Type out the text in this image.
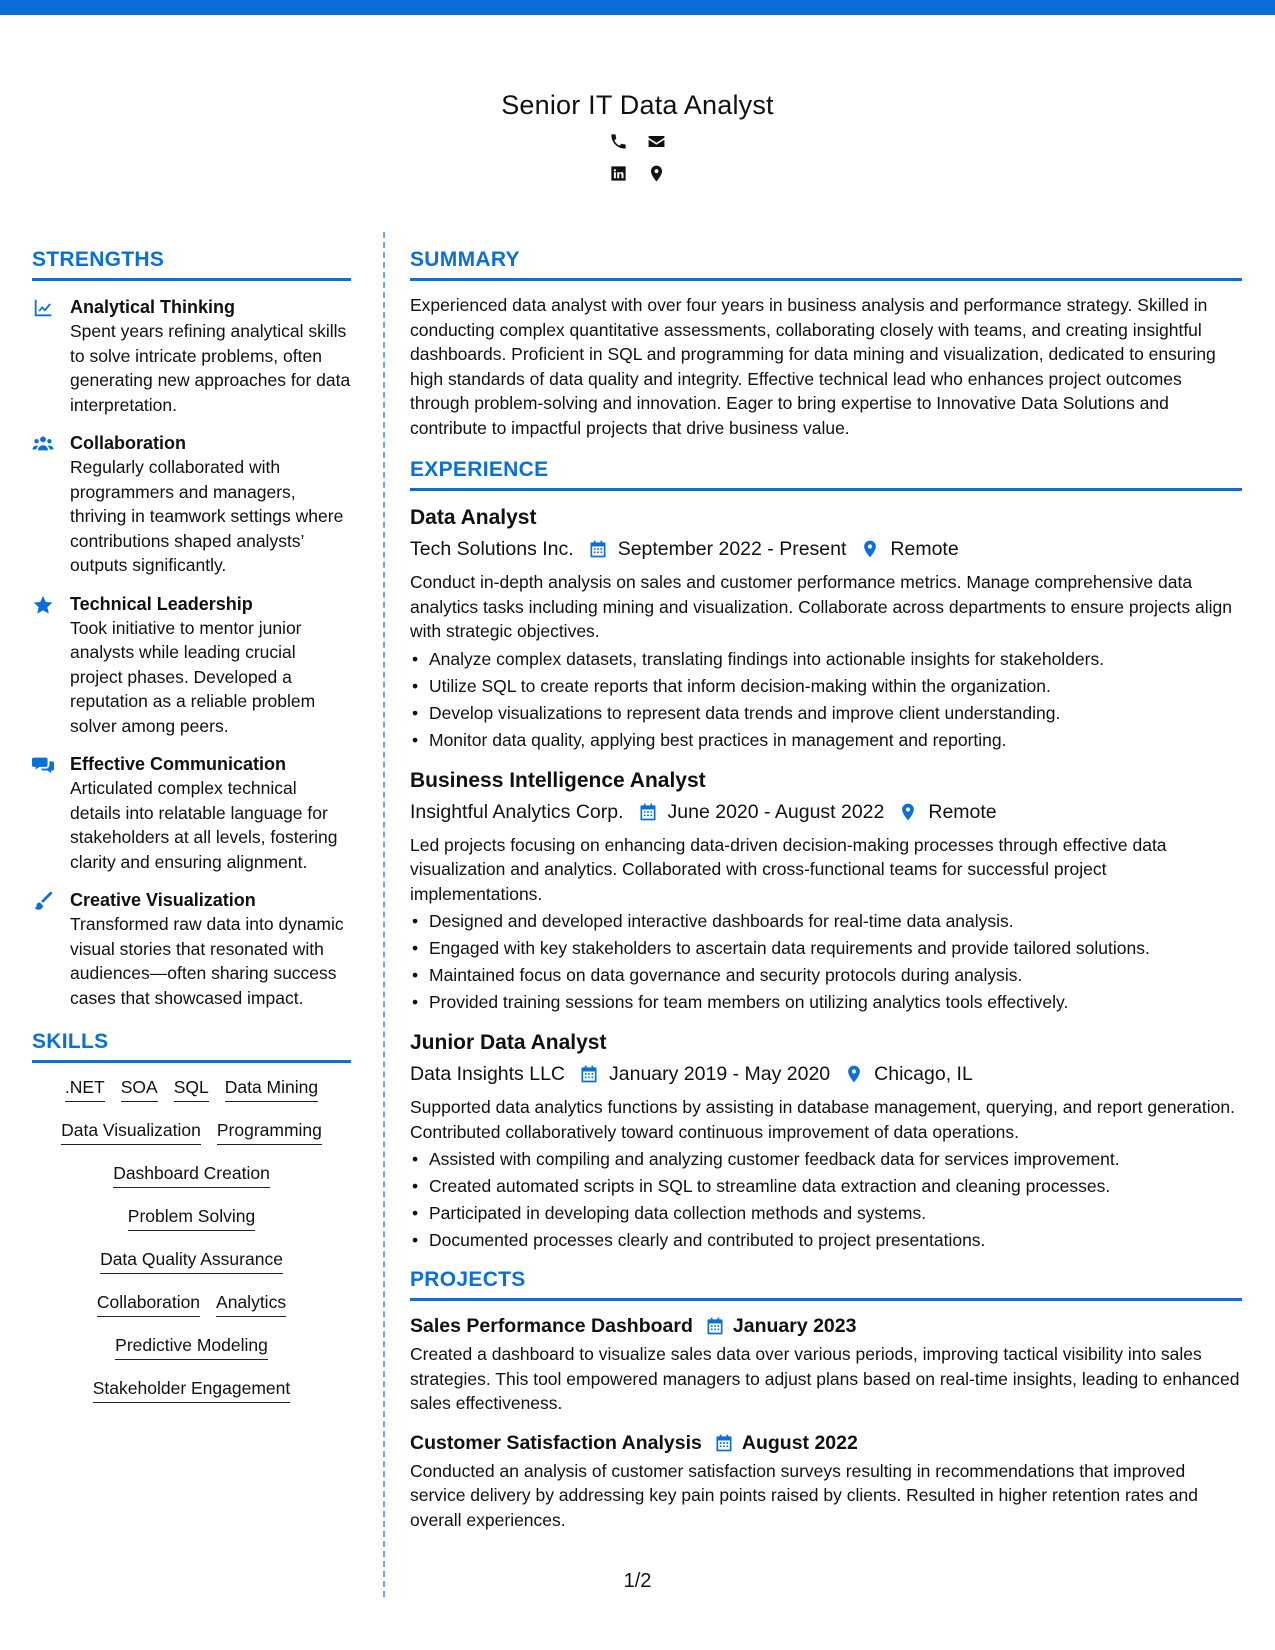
Senior IT Data Analyst
STRENGTHS
Analytical Thinking
Spent years refining analytical skills to solve intricate problems, often generating new approaches for data interpretation.
Collaboration
Regularly collaborated with programmers and managers, thriving in teamwork settings where contributions shaped analysts’ outputs significantly.
Technical Leadership
Took initiative to mentor junior analysts while leading crucial project phases. Developed a reputation as a reliable problem solver among peers.
Effective Communication
Articulated complex technical details into relatable language for stakeholders at all levels, fostering clarity and ensuring alignment.
Creative Visualization
Transformed raw data into dynamic visual stories that resonated with audiences—often sharing success cases that showcased impact.
SKILLS
.NET SOA SQL Data Mining
Data Visualization Programming
Dashboard Creation
Problem Solving
Data Quality Assurance
Collaboration Analytics
Predictive Modeling
Stakeholder Engagement
SUMMARY
Experienced data analyst with over four years in business analysis and performance strategy. Skilled in conducting complex quantitative assessments, collaborating closely with teams, and creating insightful dashboards. Proficient in SQL and programming for data mining and visualization, dedicated to ensuring high standards of data quality and integrity. Effective technical lead who enhances project outcomes through problem-solving and innovation. Eager to bring expertise to Innovative Data Solutions and contribute to impactful projects that drive business value.
EXPERIENCE
Data Analyst
Tech Solutions Inc. September 2022 - Present Remote
Conduct in-depth analysis on sales and customer performance metrics. Manage comprehensive data analytics tasks including mining and visualization. Collaborate across departments to ensure projects align with strategic objectives.
• Analyze complex datasets, translating findings into actionable insights for stakeholders.
• Utilize SQL to create reports that inform decision-making within the organization.
• Develop visualizations to represent data trends and improve client understanding.
• Monitor data quality, applying best practices in management and reporting.
Business Intelligence Analyst
Insightful Analytics Corp. June 2020 - August 2022 Remote
Led projects focusing on enhancing data-driven decision-making processes through effective data visualization and analytics. Collaborated with cross-functional teams for successful project implementations.
• Designed and developed interactive dashboards for real-time data analysis.
• Engaged with key stakeholders to ascertain data requirements and provide tailored solutions.
• Maintained focus on data governance and security protocols during analysis.
• Provided training sessions for team members on utilizing analytics tools effectively.
Junior Data Analyst
Data Insights LLC January 2019 - May 2020 Chicago, IL
Supported data analytics functions by assisting in database management, querying, and report generation. Contributed collaboratively toward continuous improvement of data operations.
• Assisted with compiling and analyzing customer feedback data for services improvement.
• Created automated scripts in SQL to streamline data extraction and cleaning processes.
• Participated in developing data collection methods and systems.
• Documented processes clearly and contributed to project presentations.
PROJECTS
Sales Performance Dashboard January 2023
Created a dashboard to visualize sales data over various periods, improving tactical visibility into sales strategies. This tool empowered managers to adjust plans based on real-time insights, leading to enhanced sales effectiveness.
Customer Satisfaction Analysis August 2022
Conducted an analysis of customer satisfaction surveys resulting in recommendations that improved service delivery by addressing key pain points raised by clients. Resulted in higher retention rates and overall experiences.
1/2
